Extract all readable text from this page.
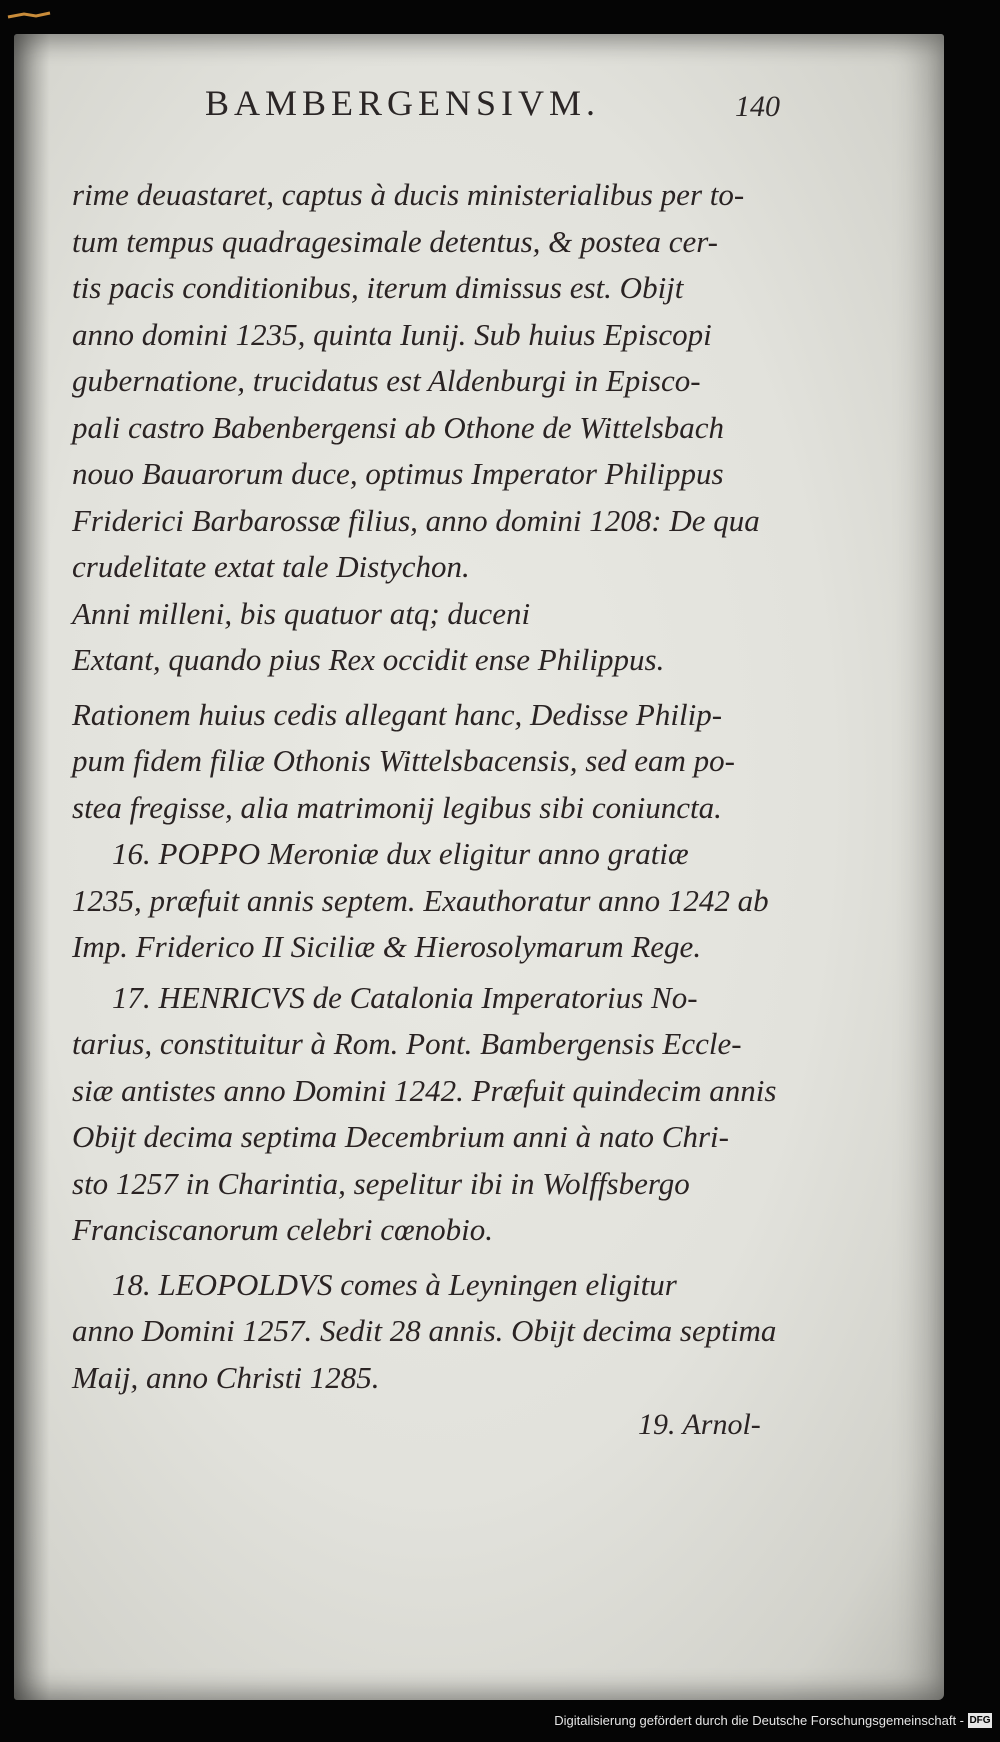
BAMBERGENSIVM.	140
rime deuastaret, captus à ducis ministerialibus per to-
tum tempus quadragesimale detentus, & postea cer-
tis pacis conditionibus, iterum dimissus est. Obijt
anno domini 1235, quinta Iunij. Sub huius Episcopi
gubernatione, trucidatus est Aldenburgi in Episco-
pali castro Babenbergensi ab Othone de Wittelsbach
nouo Bauarorum duce, optimus Imperator Philippus
Friderici Barbarossæ filius, anno domini 1208: De qua
crudelitate extat tale Distychon.
Anni milleni, bis quatuor atq; duceni
Extant, quando pius Rex occidit ense Philippus.
Rationem huius cedis allegant hanc, Dedisse Philip-
pum fidem filiæ Othonis Wittelsbacensis, sed eam po-
stea fregisse, alia matrimonij legibus sibi coniuncta.
16. POPPO Meroniæ dux eligitur anno gratiæ
1235, præfuit annis septem. Exauthoratur anno 1242 ab
Imp. Friderico II Siciliæ & Hierosolymarum Rege.
17. HENRICVS de Catalonia Imperatorius No-
tarius, constituitur à Rom. Pont. Bambergensis Eccle-
siæ antistes anno Domini 1242. Præfuit quindecim annis
Obijt decima septima Decembrium anni à nato Chri-
sto 1257 in Charintia, sepelitur ibi in Wolffsbergo
Franciscanorum celebri cœnobio.
18. LEOPOLDVS comes à Leyningen eligitur
anno Domini 1257. Sedit 28 annis. Obijt decima septima
Maij, anno Christi 1285.
19. Arnol-
Digitalisierung gefördert durch die Deutsche Forschungsgemeinschaft - DFG
